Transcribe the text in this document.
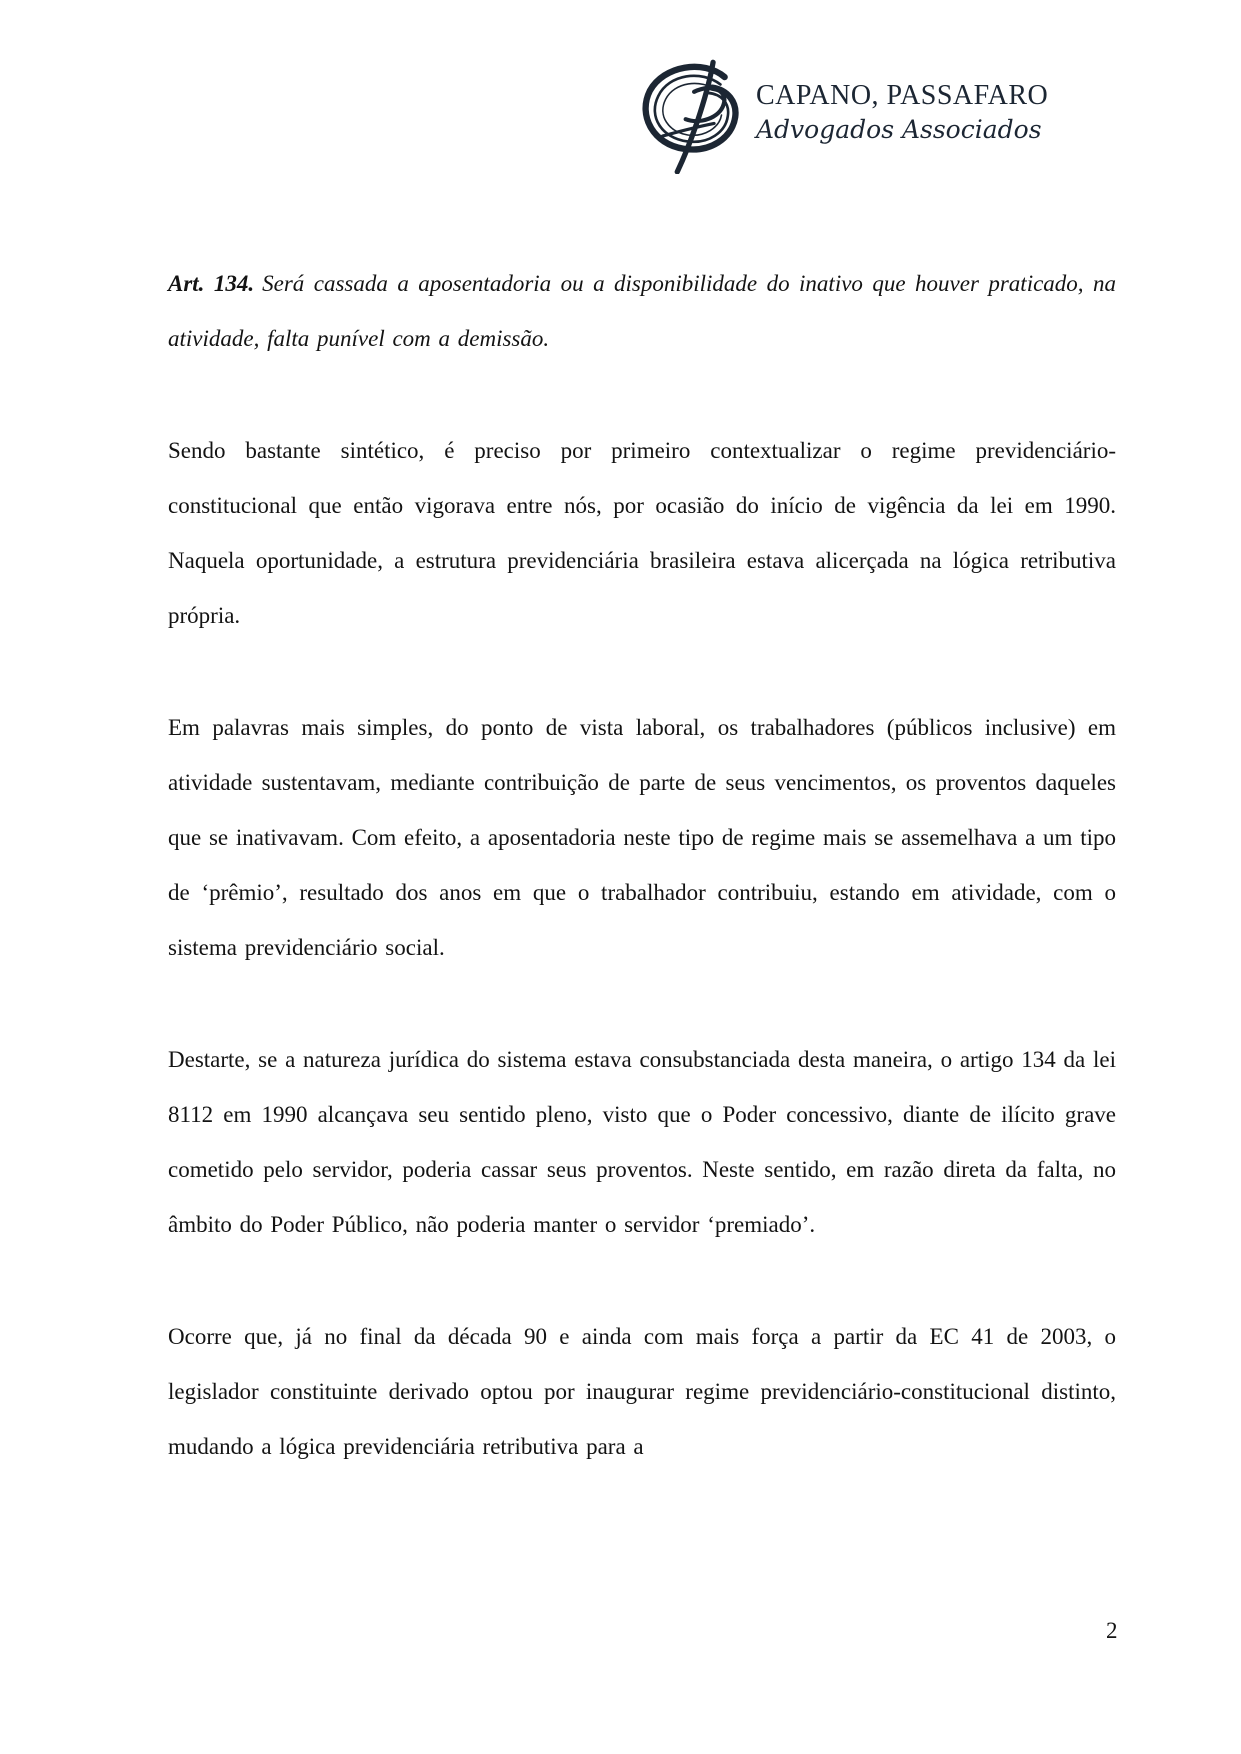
CAPANO, PASSAFARO
Advogados Associados

Art. 134. Será cassada a aposentadoria ou a disponibilidade do inativo que houver praticado, na atividade, falta punível com a demissão.

Sendo bastante sintético, é preciso por primeiro contextualizar o regime previdenciário-constitucional que então vigorava entre nós, por ocasião do início de vigência da lei em 1990. Naquela oportunidade, a estrutura previdenciária brasileira estava alicerçada na lógica retributiva própria.

Em palavras mais simples, do ponto de vista laboral, os trabalhadores (públicos inclusive) em atividade sustentavam, mediante contribuição de parte de seus vencimentos, os proventos daqueles que se inativavam. Com efeito, a aposentadoria neste tipo de regime mais se assemelhava a um tipo de ‘prêmio’, resultado dos anos em que o trabalhador contribuiu, estando em atividade, com o sistema previdenciário social.

Destarte, se a natureza jurídica do sistema estava consubstanciada desta maneira, o artigo 134 da lei 8112 em 1990 alcançava seu sentido pleno, visto que o Poder concessivo, diante de ilícito grave cometido pelo servidor, poderia cassar seus proventos. Neste sentido, em razão direta da falta, no âmbito do Poder Público, não poderia manter o servidor ‘premiado’.

Ocorre que, já no final da década 90 e ainda com mais força a partir da EC 41 de 2003, o legislador constituinte derivado optou por inaugurar regime previdenciário-constitucional distinto, mudando a lógica previdenciária retributiva para a

2
